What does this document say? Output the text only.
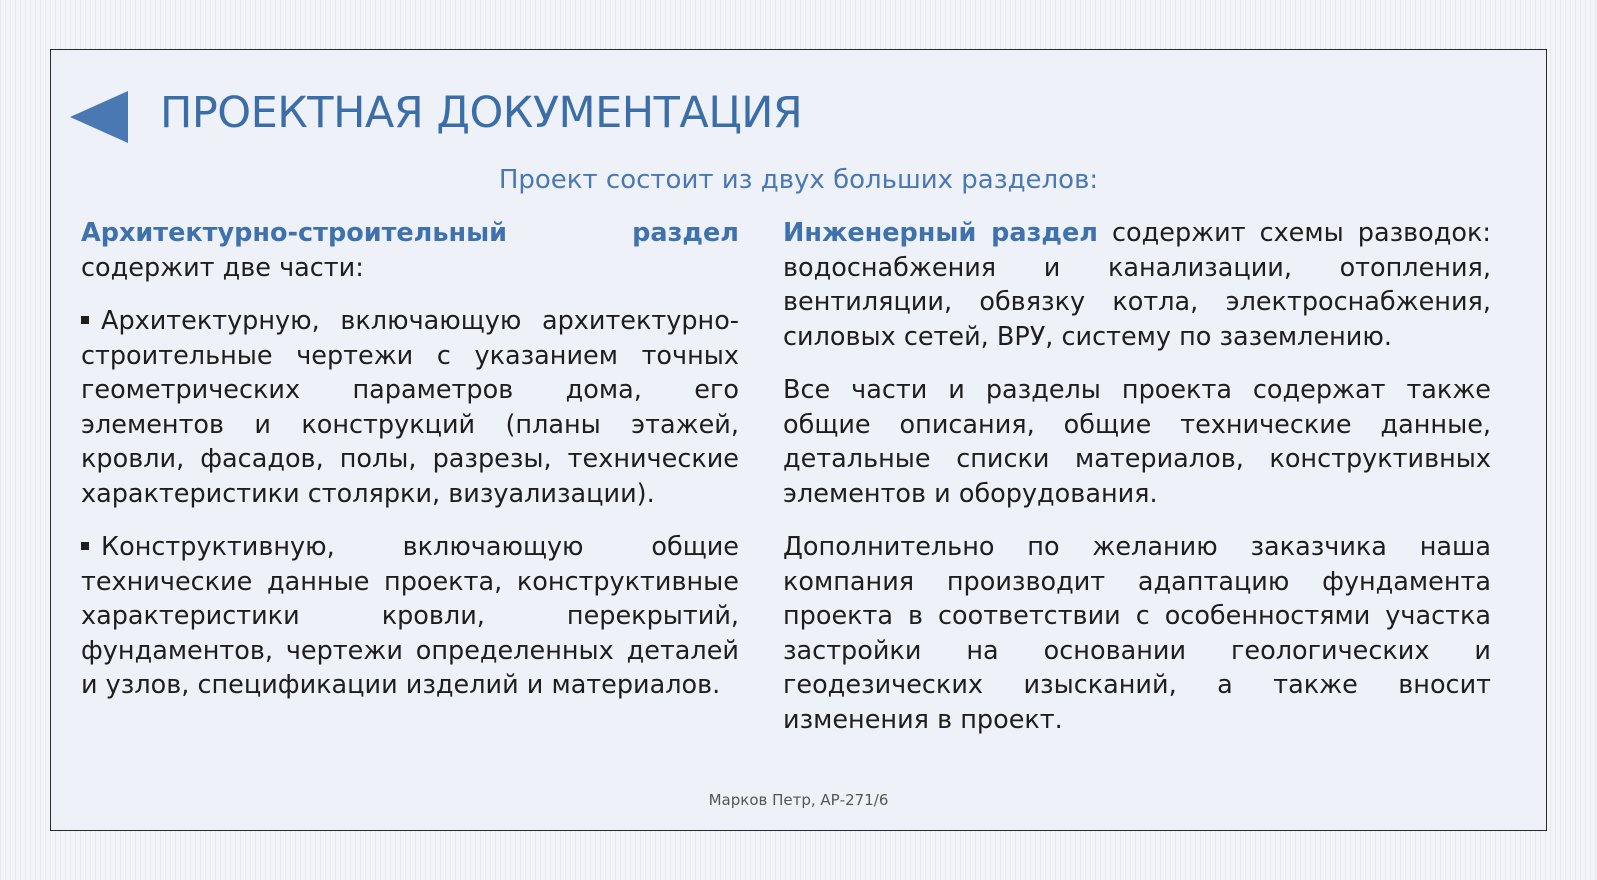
ПРОЕКТНАЯ ДОКУМЕНТАЦИЯ
Проект состоит из двух больших разделов:

Архитектурно-строительный раздел содержит две части:

Архитектурную, включающую архитектурно-строительные чертежи с указанием точных геометрических параметров дома, его элементов и конструкций (планы этажей, кровли, фасадов, полы, разрезы, технические характеристики столярки, визуализации).

Конструктивную, включающую общие технические данные проекта, конструктивные характеристики кровли, перекрытий, фундаментов, чертежи определенных деталей и узлов, спецификации изделий и материалов.

Инженерный раздел содержит схемы разводок: водоснабжения и канализации, отопления, вентиляции, обвязку котла, электроснабжения, силовых сетей, ВРУ, систему по заземлению.

Все части и разделы проекта содержат также общие описания, общие технические данные, детальные списки материалов, конструктивных элементов и оборудования.

Дополнительно по желанию заказчика наша компания производит адаптацию фундамента проекта в соответствии с особенностями участка застройки на основании геологических и геодезических изысканий, а также вносит изменения в проект.

Марков Петр, АР-271/6
